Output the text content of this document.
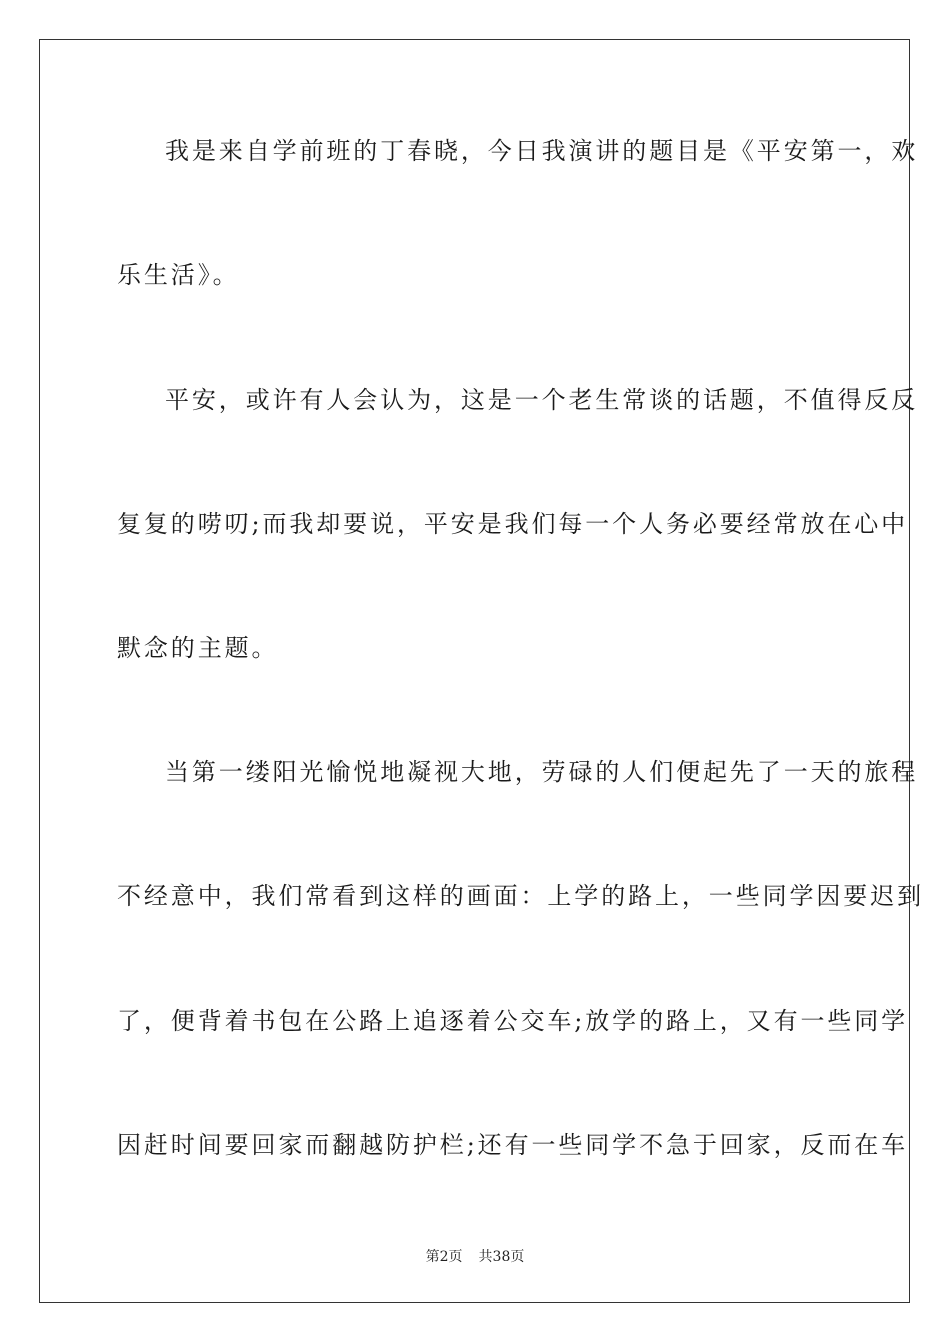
我是来自学前班的丁春晓，今日我演讲的题目是《平安第一，欢
乐生活》。
平安，或许有人会认为，这是一个老生常谈的话题，不值得反反
复复的唠叨;而我却要说，平安是我们每一个人务必要经常放在心中
默念的主题。
当第一缕阳光愉悦地凝视大地，劳碌的人们便起先了一天的旅程
不经意中，我们常看到这样的画面：上学的路上，一些同学因要迟到
了，便背着书包在公路上追逐着公交车;放学的路上，又有一些同学
因赶时间要回家而翻越防护栏;还有一些同学不急于回家，反而在车
第2页 共38页
